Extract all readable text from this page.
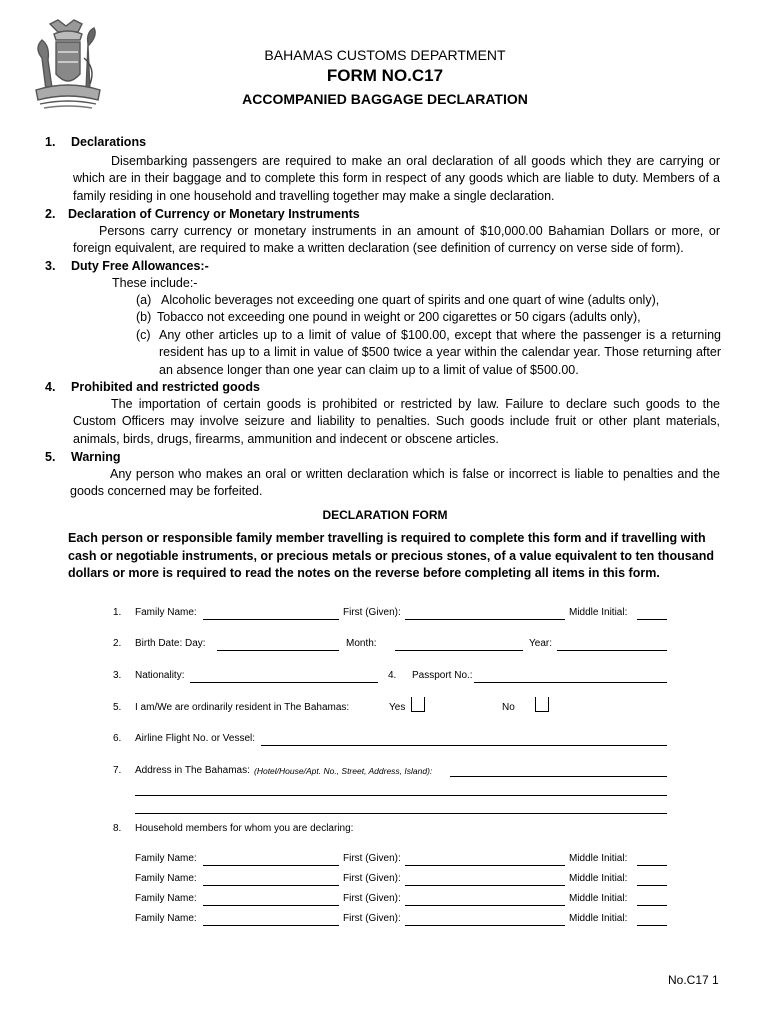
BAHAMAS CUSTOMS DEPARTMENT
FORM NO.C17
ACCOMPANIED BAGGAGE DECLARATION
1. Declarations
Disembarking passengers are required to make an oral declaration of all goods which they are carrying or which are in their baggage and to complete this form in respect of any goods which are liable to duty. Members of a family residing in one household and travelling together may make a single declaration.
2. Declaration of Currency or Monetary Instruments
Persons carry currency or monetary instruments in an amount of $10,000.00 Bahamian Dollars or more, or foreign equivalent, are required to make a written declaration (see definition of currency on verse side of form).
3. Duty Free Allowances:-
These include:-
(a) Alcoholic beverages not exceeding one quart of spirits and one quart of wine (adults only),
(b) Tobacco not exceeding one pound in weight or 200 cigarettes or 50 cigars (adults only),
(c) Any other articles up to a limit of value of $100.00, except that where the passenger is a returning resident has up to a limit in value of $500 twice a year within the calendar year. Those returning after an absence longer than one year can claim up to a limit of value of $500.00.
4. Prohibited and restricted goods
The importation of certain goods is prohibited or restricted by law. Failure to declare such goods to the Custom Officers may involve seizure and liability to penalties. Such goods include fruit or other plant materials, animals, birds, drugs, firearms, ammunition and indecent or obscene articles.
5. Warning
Any person who makes an oral or written declaration which is false or incorrect is liable to penalties and the goods concerned may be forfeited.
DECLARATION FORM
Each person or responsible family member travelling is required to complete this form and if travelling with cash or negotiable instruments, or precious metals or precious stones, of a value equivalent to ten thousand dollars or more is required to read the notes on the reverse before completing all items in this form.
1. Family Name:	First (Given):	Middle Initial:
2. Birth Date: Day:	Month:	Year:
3. Nationality:	4. Passport No.:
5. I am/We are ordinarily resident in The Bahamas:	Yes	No
6. Airline Flight No. or Vessel:
7. Address in The Bahamas: (Hotel/House/Apt. No., Street, Address, Island):
8. Household members for whom you are declaring:
Family Name:	First (Given):	Middle Initial:
Family Name:	First (Given):	Middle Initial:
Family Name:	First (Given):	Middle Initial:
Family Name:	First (Given):	Middle Initial:
No.C17 1
